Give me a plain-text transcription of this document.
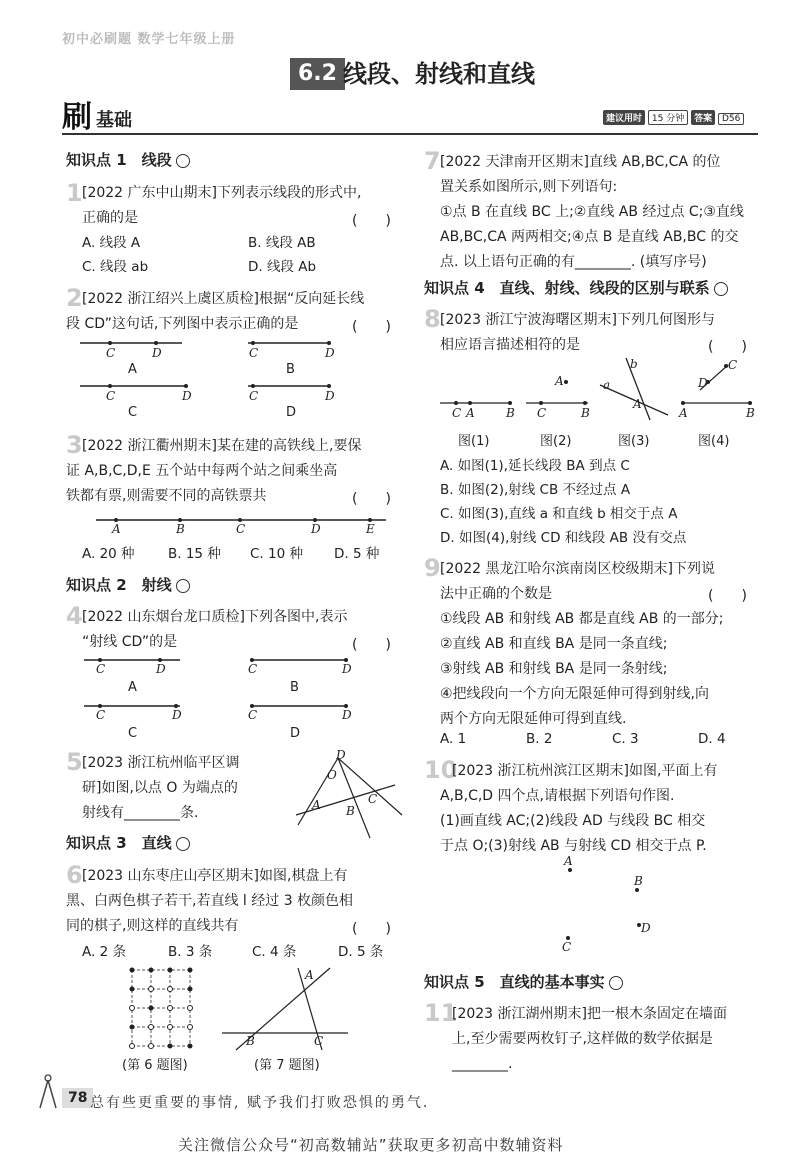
初中必刷题 数学七年级上册
6.2 线段、射线和直线
刷 基础	建议用时 15 分钟 答案 D56
知识点 1　线段
1 [2022 广东中山期末]下列表示线段的形式中,
正确的是	(　　)
A. 线段 A	B. 线段 AB
C. 线段 ab	D. 线段 Ab
2 [2022 浙江绍兴上虞区质检]根据“反向延长线
段 CD”这句话,下列图中表示正确的是	(　　)
C	D
A
C	D
B
C	D
C
C	D
D
3 [2022 浙江衢州期末]某在建的高铁线上,要保
证 A,B,C,D,E 五个站中每两个站之间乘坐高
铁都有票,则需要不同的高铁票共	(　　)
A	B	C	D	E
A. 20 种 B. 15 种 C. 10 种 D. 5 种
知识点 2　射线
4 [2022 山东烟台龙口质检]下列各图中,表示
“射线 CD”的是	(　　)
C	D
A
C	D
B
C	D
C
C	D
D
5 [2023 浙江杭州临平区调
研]如图,以点 O 为端点的
射线有________条.
D
O
A B
C
知识点 3　直线
6 [2023 山东枣庄山亭区期末]如图,棋盘上有
黑、白两色棋子若干,若直线 l 经过 3 枚颜色相
同的棋子,则这样的直线共有
A. 2 条	B. 3 条	C. 4 条	D. 5 条
(　　)
(第 6 题图)
A
B	C
(第 7 题图)
7 [2022 天津南开区期末]直线 AB,BC,CA 的位
置关系如图所示,则下列语句:
①点 B 在直线 BC 上;②直线 AB 经过点 C;③直线
AB,BC,CA 两两相交;④点 B 是直线 AB,BC 的交
点. 以上语句正确的有________. (填写序号)
知识点 4　直线、射线、线段的区别与联系
8 [2023 浙江宁波海曙区期末]下列几何图形与
相应语言描述相符的是	(　　)
C A	B C	B
A	a
b
A
A	B
D
C
图(1)	图(2)	图(3)	图(4)
A. 如图(1),延长线段 BA 到点 C
B. 如图(2),射线 CB 不经过点 A
C. 如图(3),直线 a 和直线 b 相交于点 A
D. 如图(4),射线 CD 和线段 AB 没有交点
9 [2022 黑龙江哈尔滨南岗区校级期末]下列说
法中正确的个数是	(　　)
①线段 AB 和射线 AB 都是直线 AB 的一部分;
②直线 AB 和直线 BA 是同一条直线;
③射线 AB 和射线 BA 是同一条射线;
④把线段向一个方向无限延伸可得到射线,向
两个方向无限延伸可得到直线.
A. 1	B. 2	C. 3	D. 4
10
[2023 浙江杭州滨江区期末]如图,平面上有
A,B,C,D 四个点,请根据下列语句作图.
(1)画直线 AC;(2)线段 AD 与线段 BC 相交
于点 O;(3)射线 AB 与射线 CD 相交于点 P.
A
B
D
C
知识点 5　直线的基本事实
11
[2023 浙江湖州期末]把一根木条固定在墙面
上,至少需要两枚钉子,这样做的数学依据是
________.
78 总有些更重要的事情, 赋予我们打败恐惧的勇气.
关注微信公众号“初高数辅站”获取更多初高中数辅资料
